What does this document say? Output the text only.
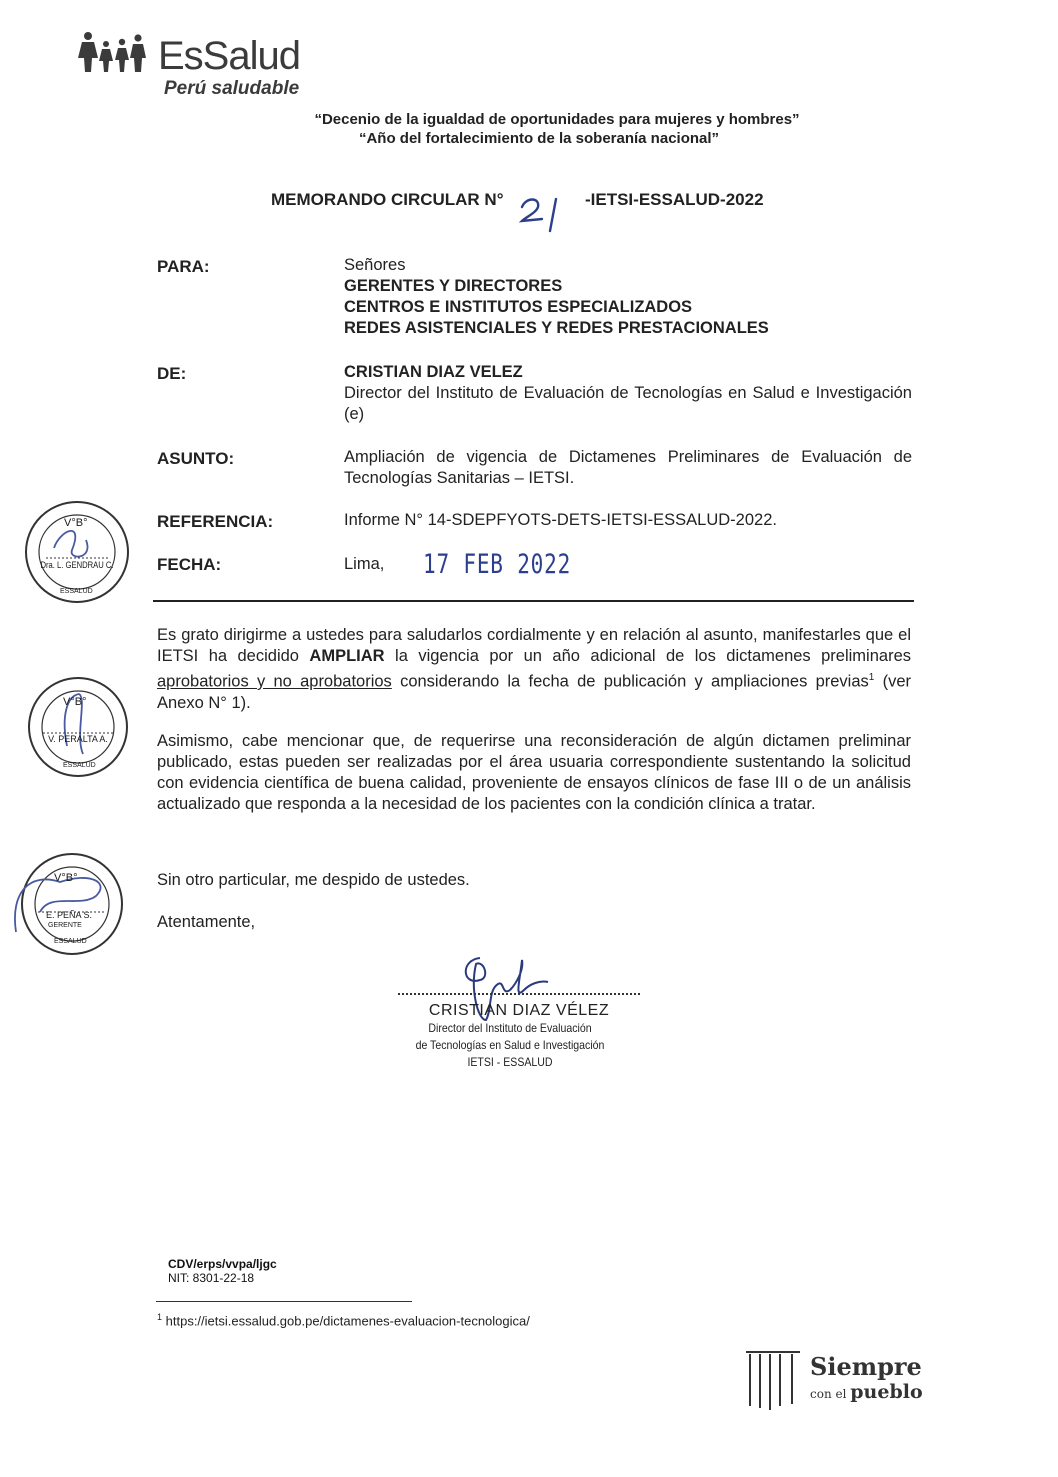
EsSalud
Perú saludable
“Decenio de la igualdad de oportunidades para mujeres y hombres”
“Año del fortalecimiento de la soberanía nacional”
MEMORANDO CIRCULAR N°	-IETSI-ESSALUD-2022
PARA:	Señores
GERENTES Y DIRECTORES
CENTROS E INSTITUTOS ESPECIALIZADOS
REDES ASISTENCIALES Y REDES PRESTACIONALES
DE:	CRISTIAN DIAZ VELEZ
Director del Instituto de Evaluación de Tecnologías en Salud e Investigación (e)
ASUNTO:	Ampliación de vigencia de Dictamenes Preliminares de Evaluación de Tecnologías Sanitarias – IETSI.
REFERENCIA:	Informe N° 14-SDEPFYOTS-DETS-IETSI-ESSALUD-2022.
FECHA:	Lima, 17 FEB 2022
Es grato dirigirme a ustedes para saludarlos cordialmente y en relación al asunto, manifestarles que el IETSI ha decidido AMPLIAR la vigencia por un año adicional de los dictamenes preliminares aprobatorios y no aprobatorios considerando la fecha de publicación y ampliaciones previas$^1$ (ver Anexo N° 1).
Asimismo, cabe mencionar que, de requerirse una reconsideración de algún dictamen preliminar publicado, estas pueden ser realizadas por el área usuaria correspondiente sustentando la solicitud con evidencia científica de buena calidad, proveniente de ensayos clínicos de fase III o de un análisis actualizado que responda a la necesidad de los pacientes con la condición clínica a tratar.
Sin otro particular, me despido de ustedes.
Atentamente,
V°B°
Dra. L. GENDRAU C.
ESSALUD
V°B°
V. PERALTA A.
ESSALUD
V°B°
E. PEÑA S.
GERENTE
ESSALUD
CRISTIAN DIAZ VÉLEZ
Director del Instituto de Evaluación
de Tecnologías en Salud e Investigación
IETSI - ESSALUD
CDV/erps/vvpa/ljgc
NIT: 8301-22-18
$^1$ https://ietsi.essalud.gob.pe/dictamenes-evaluacion-tecnologica/
Siempre
con el pueblo
